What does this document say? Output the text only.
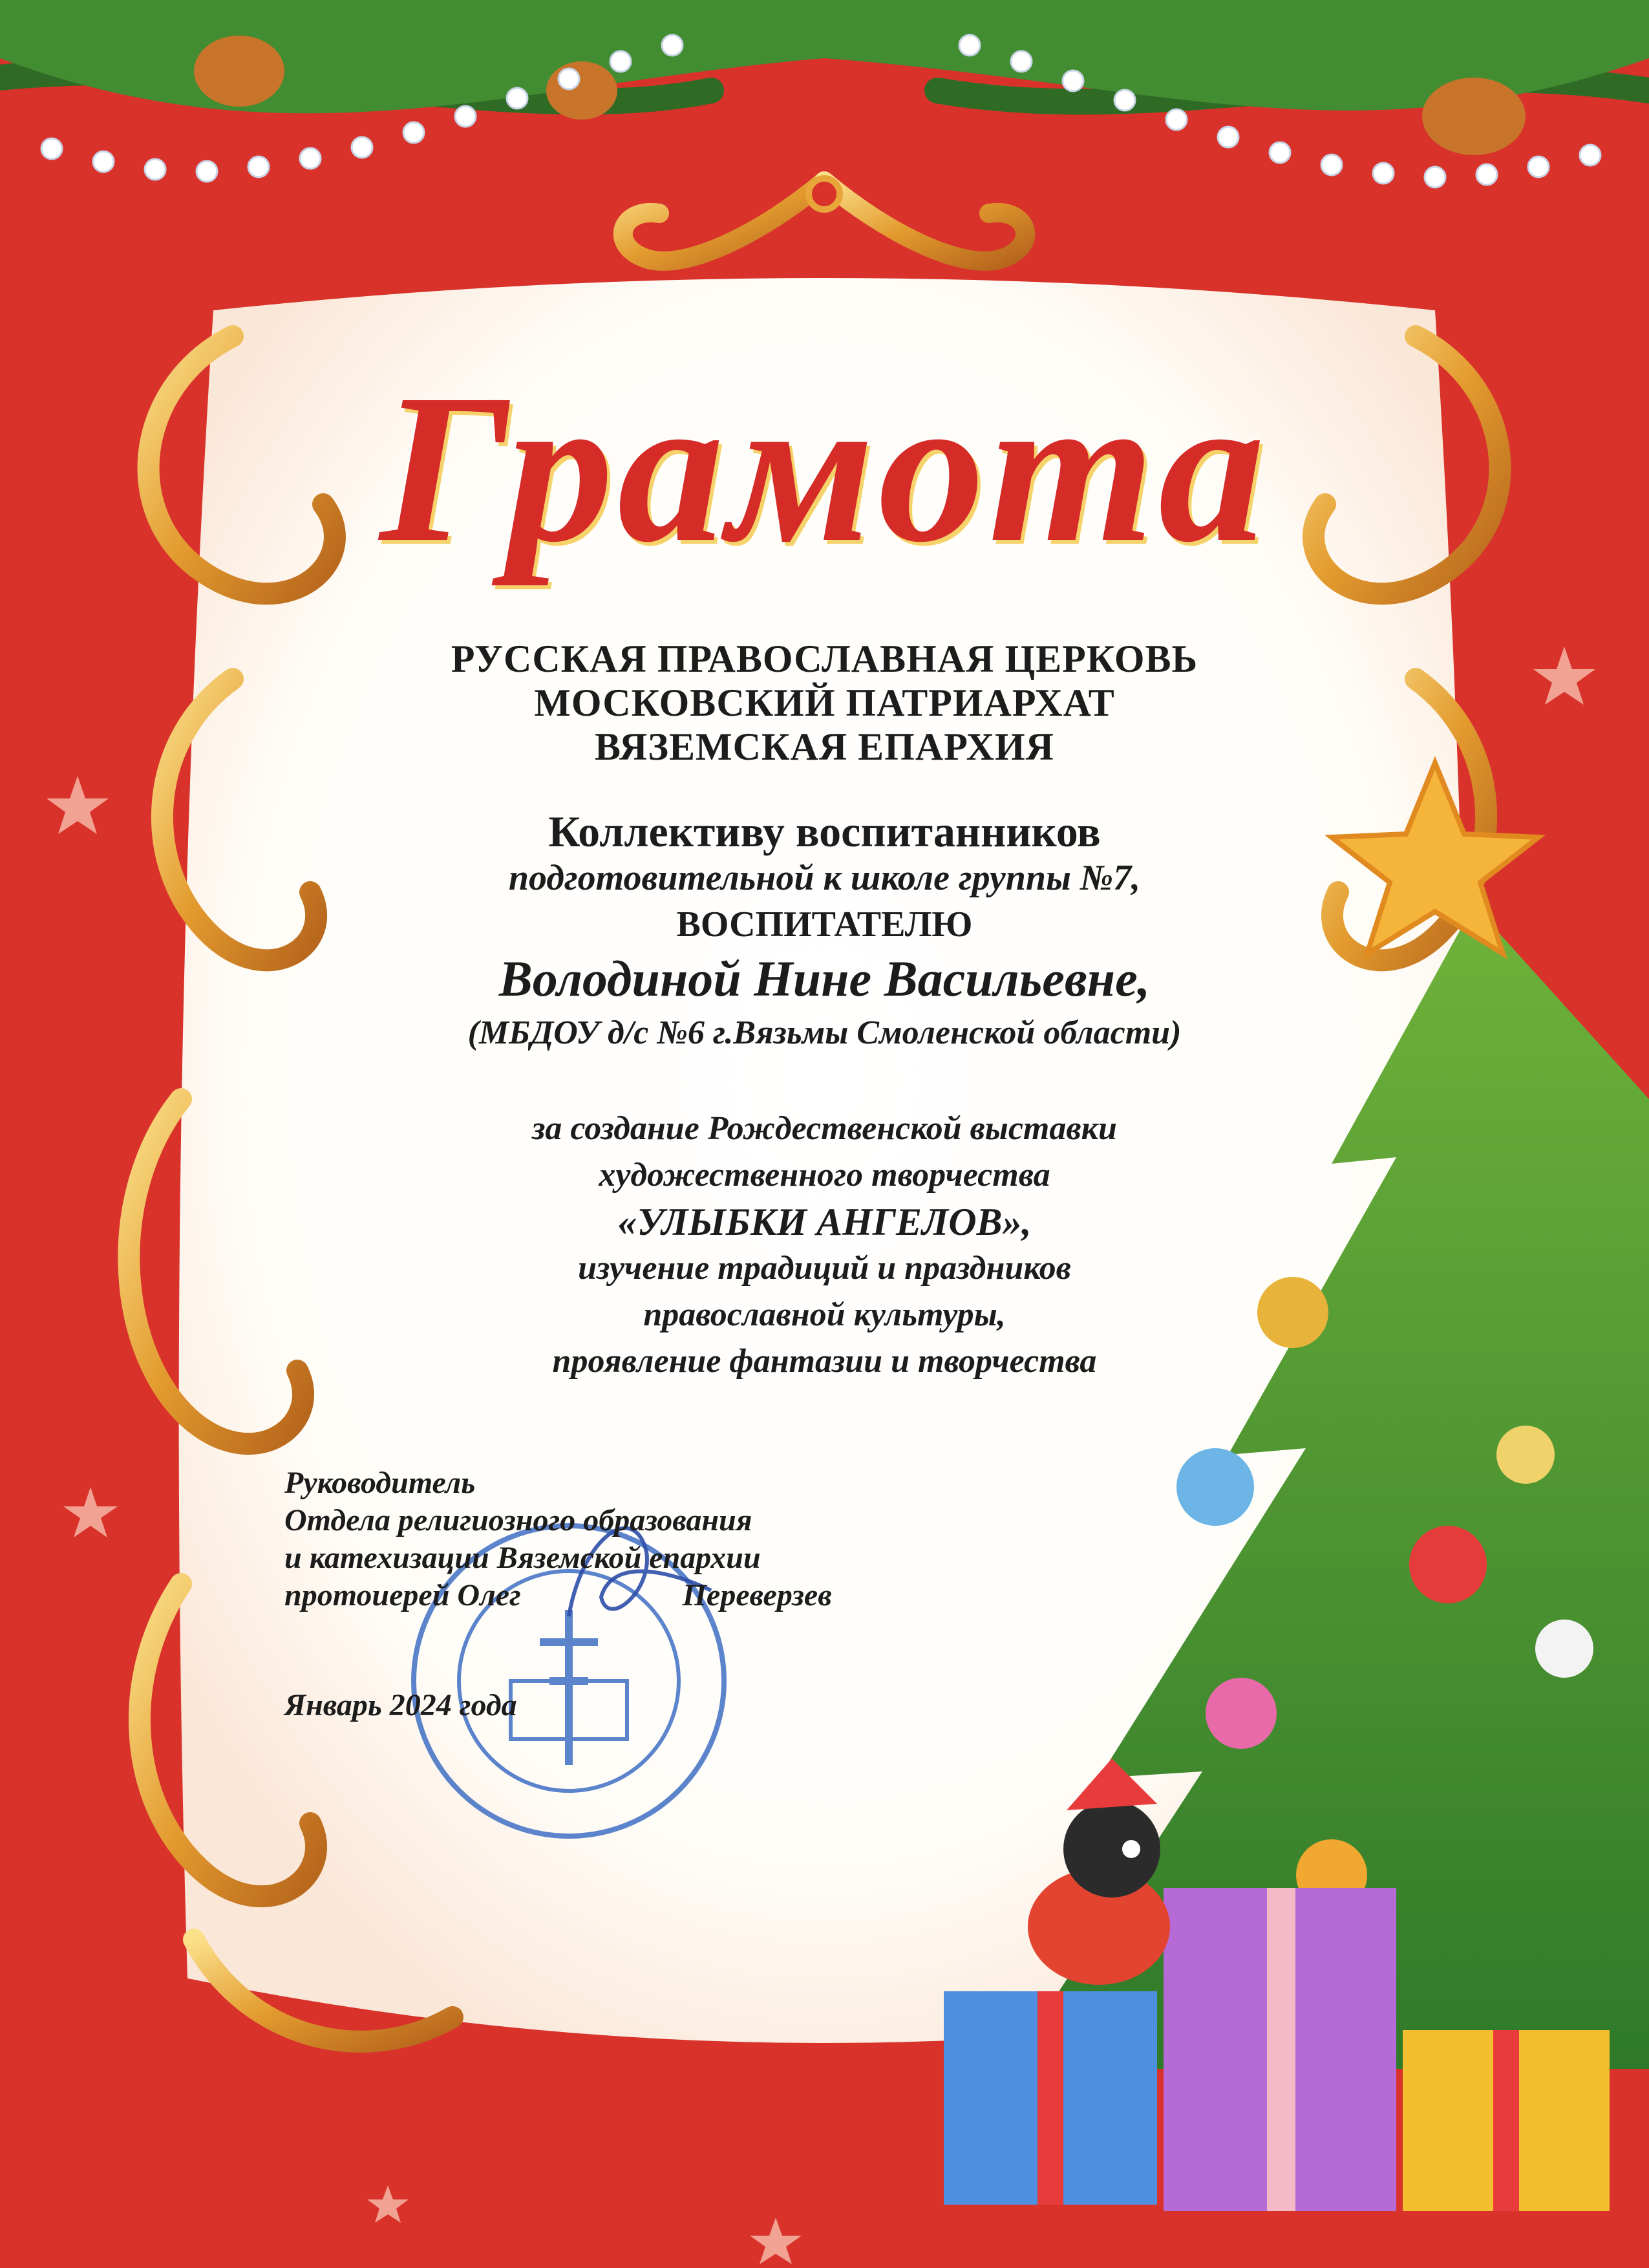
Грамота
РУССКАЯ ПРАВОСЛАВНАЯ ЦЕРКОВЬ
МОСКОВСКИЙ ПАТРИАРХАТ
ВЯЗЕМСКАЯ ЕПАРХИЯ
Коллективу воспитанников
подготовительной к школе группы №7,
ВОСПИТАТЕЛЮ
Володиной Нине Васильевне,
(МБДОУ д/с №6 г.Вязьмы Смоленской области)
за создание Рождественской выставки
художественного творчества
«УЛЫБКИ АНГЕЛОВ»,
изучение традиций и праздников
православной культуры,
проявление фантазии и творчества
Руководитель
Отдела религиозного образования
и катехизации Вяземской епархии
протоиерей Олег	Переверзев
Январь 2024 года
